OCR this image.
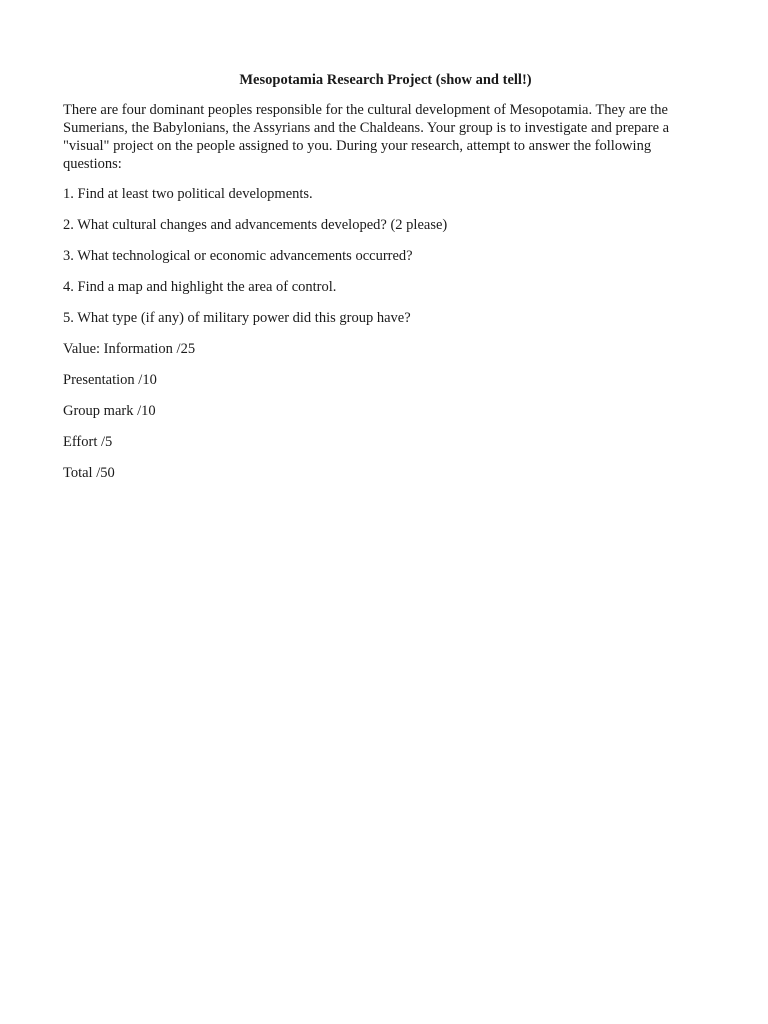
Mesopotamia Research Project (show and tell!)
There are four dominant peoples responsible for the cultural development of Mesopotamia. They are the
Sumerians, the Babylonians, the Assyrians and the Chaldeans. Your group is to investigate and prepare a
"visual" project on the people assigned to you. During your research, attempt to answer the following
questions:
1. Find at least two political developments.
2. What cultural changes and advancements developed? (2 please)
3. What technological or economic advancements occurred?
4. Find a map and highlight the area of control.
5. What type (if any) of military power did this group have?
Value: Information /25
Presentation /10
Group mark /10
Effort /5
Total /50
